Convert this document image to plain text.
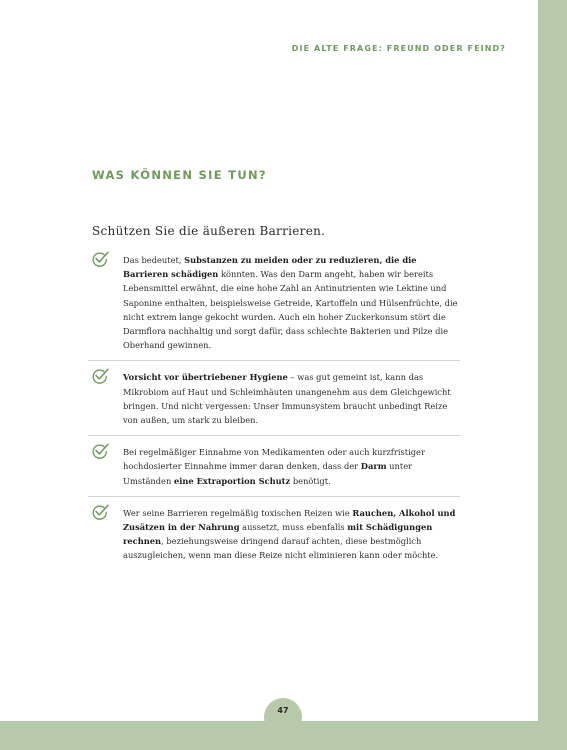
DIE ALTE FRAGE: FREUND ODER FEIND?
WAS KÖNNEN SIE TUN?
Schützen Sie die äußeren Barrieren.

Das bedeutet, Substanzen zu meiden oder zu reduzieren, die die Barrieren schädigen könnten. Was den Darm angeht, haben wir bereits Lebensmittel erwähnt, die eine hohe Zahl an Antinutrienten wie Lektine und Saponine enthalten, beispielsweise Getreide, Kartoffeln und Hülsenfrüchte, die nicht extrem lange gekocht wurden. Auch ein hoher Zuckerkonsum stört die Darmflora nachhaltig und sorgt dafür, dass schlechte Bakterien und Pilze die Oberhand gewinnen.

Vorsicht vor übertriebener Hygiene – was gut gemeint ist, kann das Mikrobiom auf Haut und Schleimhäuten unangenehm aus dem Gleichgewicht bringen. Und nicht vergessen: Unser Immunsystem braucht unbedingt Reize von außen, um stark zu bleiben.

Bei regelmäßiger Einnahme von Medikamenten oder auch kurzfristiger hochdosierter Einnahme immer daran denken, dass der Darm unter Umständen eine Extraportion Schutz benötigt.

Wer seine Barrieren regelmäßig toxischen Reizen wie Rauchen, Alkohol und Zusätzen in der Nahrung aussetzt, muss ebenfalls mit Schädigungen rechnen, beziehungsweise dringend darauf achten, diese bestmöglich auszugleichen, wenn man diese Reize nicht eliminieren kann oder möchte.

47
